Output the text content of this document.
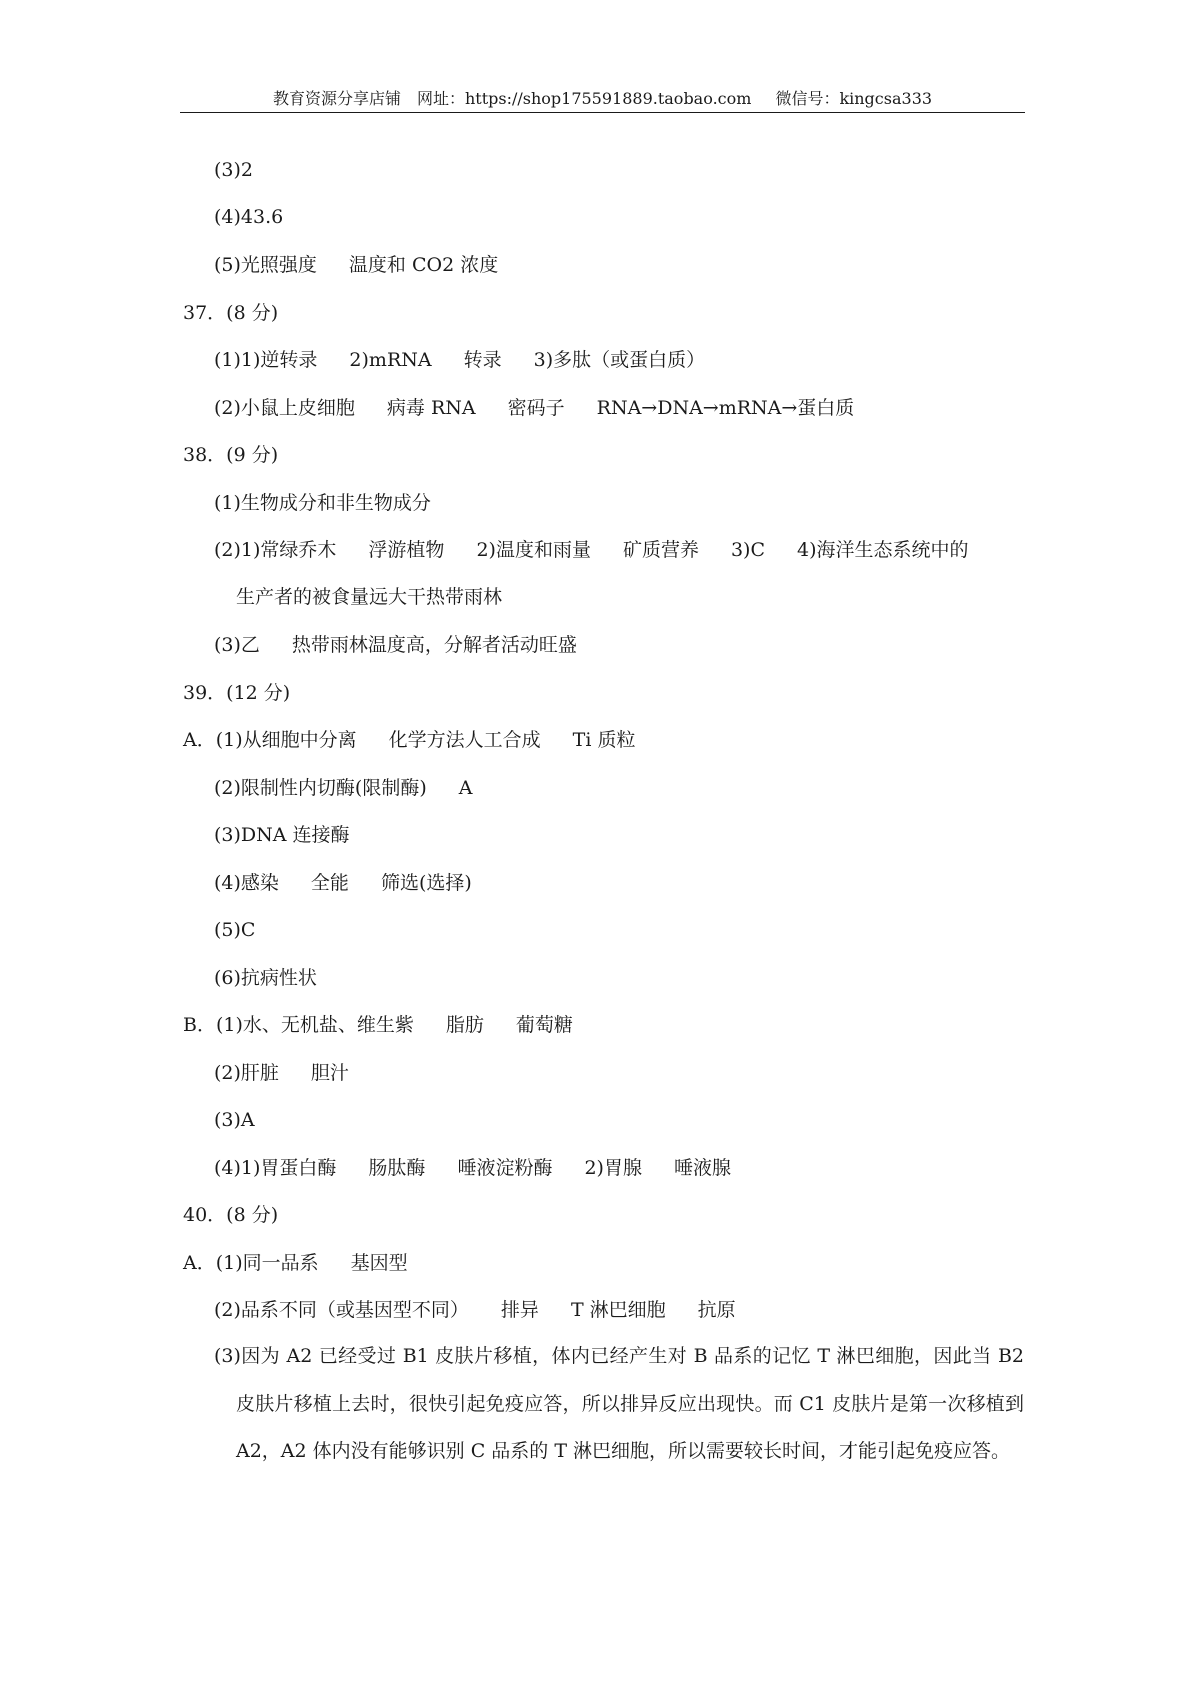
教育资源分享店铺 网址：https://shop175591889.taobao.com 微信号：kingcsa333
(3)2
(4)43.6
(5)光照强度 温度和 CO2 浓度
37．(8 分)
(1)1)逆转录 2)mRNA 转录 3)多肽（或蛋白质）
(2)小鼠上皮细胞 病毒 RNA 密码子 RNA→DNA→mRNA→蛋白质
38．(9 分)
(1)生物成分和非生物成分
(2)1)常绿乔木 浮游植物 2)温度和雨量 矿质营养 3)C 4)海洋生态系统中的
生产者的被食量远大干热带雨林
(3)乙 热带雨林温度高，分解者活动旺盛
39．(12 分)
A．(1)从细胞中分离 化学方法人工合成 Ti 质粒
(2)限制性内切酶(限制酶) A
(3)DNA 连接酶
(4)感染 全能 筛选(选择)
(5)C
(6)抗病性状
B．(1)水、无机盐、维生紫 脂肪 葡萄糖
(2)肝脏 胆汁
(3)A
(4)1)胃蛋白酶 肠肽酶 唾液淀粉酶 2)胃腺 唾液腺
40．(8 分)
A．(1)同一品系 基因型
(2)品系不同（或基因型不同） 排异 T 淋巴细胞 抗原
(3)因为 A2 已经受过 B1 皮肤片移植，体内已经产生对 B 品系的记忆 T 淋巴细胞，因此当 B2 皮肤片移植上去时，很快引起免疫应答，所以排异反应出现快。而 C1 皮肤片是第一次移植到 A2，A2 体内没有能够识别 C 品系的 T 淋巴细胞，所以需要较长时间，才能引起免疫应答。
